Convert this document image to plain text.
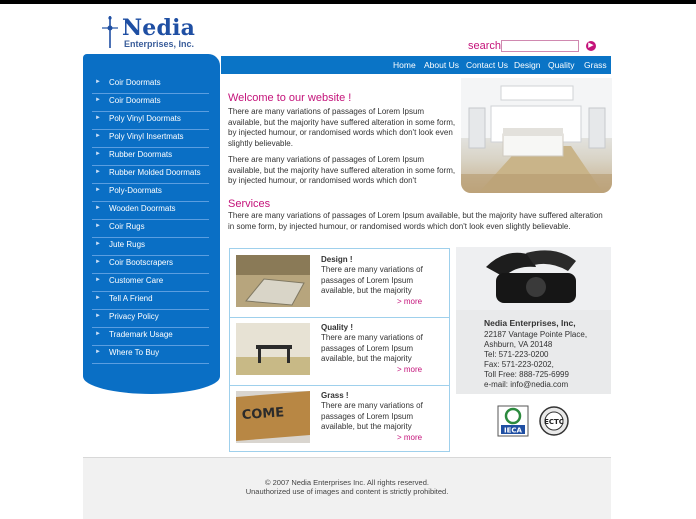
Nedia
Enterprises, Inc.	search	▶
Home About Us Contact Us Design Quality Grass
► Coir Doormats
► Coir Doormats
► Poly Vinyl Doormats
► Poly Vinyl Insertmats
► Rubber Doormats
► Rubber Molded Doormats
► Poly-Doormats
► Wooden Doormats
► Coir Rugs
► Jute Rugs
► Coir Bootscrapers
► Customer Care
► Tell A Friend
► Privacy Policy
► Trademark Usage
► Where To Buy
Welcome to our website !
There are many variations of passages of Lorem Ipsum available, but the majority have suffered alteration in some form, by injected humour, or randomised words which don't look even slightly believable.
There are many variations of passages of Lorem Ipsum available, but the majority have suffered alteration in some form, by injected humour, or randomised words which don't
Services
There are many variations of passages of Lorem Ipsum available, but the majority have suffered alteration in some form, by injected humour, or randomised words which don't look even slightly believable.
Design !
There are many variations of passages of Lorem Ipsum available, but the majority
> more
Quality !
There are many variations of passages of Lorem Ipsum available, but the majority
> more
COME
Grass !
There are many variations of passages of Lorem Ipsum available, but the majority
> more
Nedia Enterprises, Inc,
22187 Vantage Pointe Place,
Ashburn, VA 20148
Tel: 571-223-0200
Fax: 571-223-0202,
Toll Free: 888-725-6999
e-mail: info@nedia.com
IECA
ECTC
© 2007 Nedia Enterprises Inc. All rights reserved.
Unauthorized use of images and content is strictly prohibited.
